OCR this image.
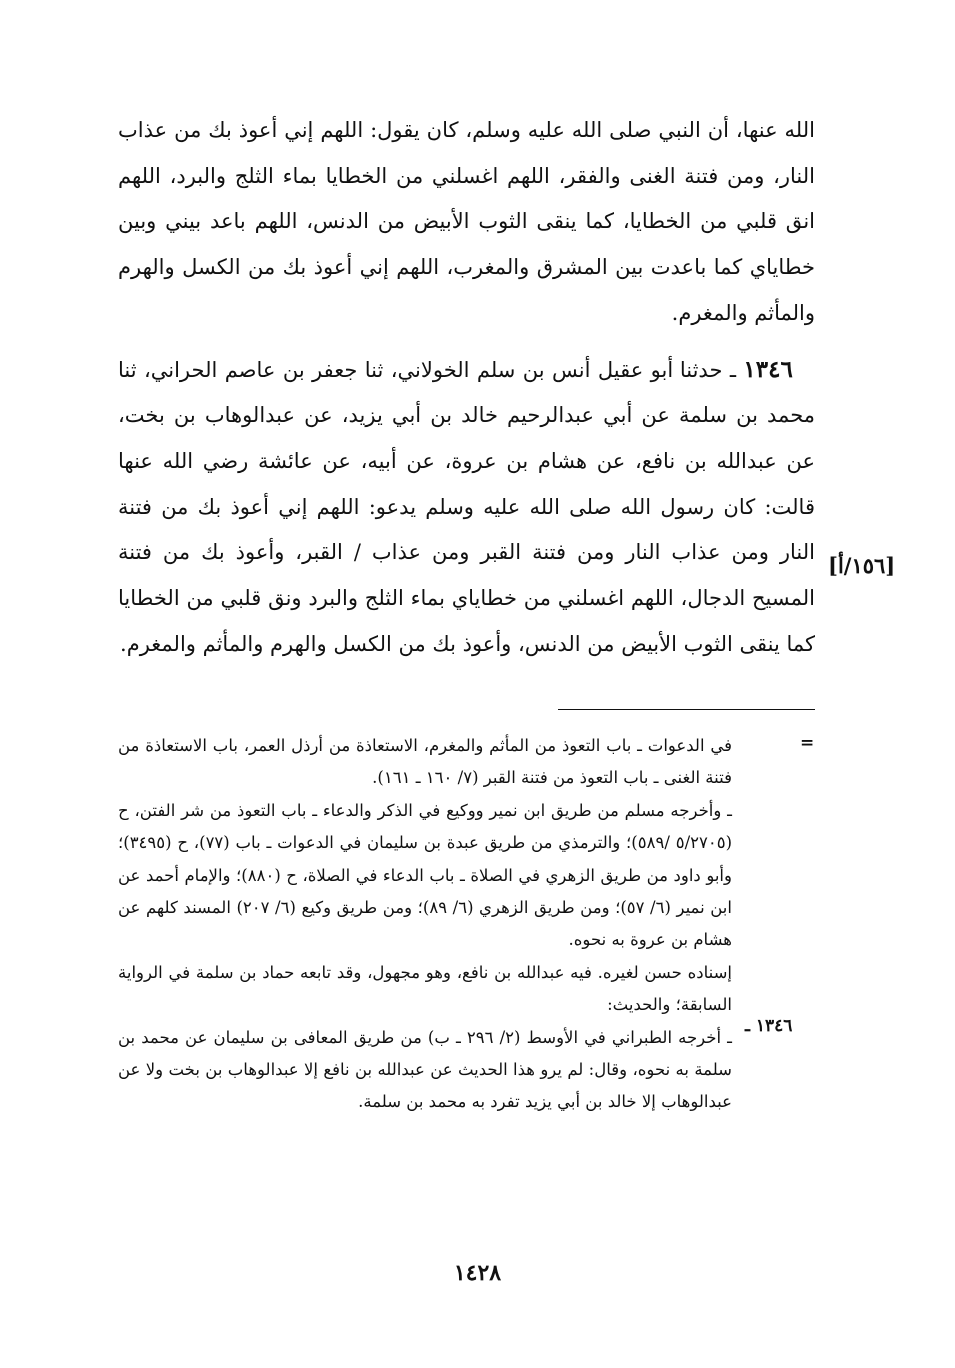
الله عنها، أن النبي صلى الله عليه وسلم، كان يقول: اللهم إني أعوذ بك من عذاب النار، ومن فتنة الغنى والفقر، اللهم اغسلني من الخطايا بماء الثلج والبرد، اللهم انق قلبي من الخطايا، كما ينقى الثوب الأبيض من الدنس، اللهم باعد بيني وبين خطاياي كما باعدت بين المشرق والمغرب، اللهم إني أعوذ بك من الكسل والهرم والمأثم والمغرم.

١٣٤٦ ـ حدثنا أبو عقيل أنس بن سلم الخولاني، ثنا جعفر بن عاصم الحراني، ثنا محمد بن سلمة عن أبي عبدالرحيم خالد بن أبي يزيد، عن عبدالوهاب بن بخت، عن عبدالله بن نافع، عن هشام بن عروة، عن أبيه، عن عائشة رضي الله عنها قالت: كان رسول الله صلى الله عليه وسلم يدعو: اللهم إني أعوذ بك من فتنة النار ومن عذاب النار ومن فتنة القبر ومن عذاب / القبر، وأعوذ بك من فتنة المسيح الدجال، اللهم اغسلني من خطاياي بماء الثلج والبرد ونق قلبي من الخطايا كما ينقى الثوب الأبيض من الدنس، وأعوذ بك من الكسل والهرم والمأثم والمغرم.

[١٥٦/أ]
=

في الدعوات ـ باب التعوذ من المأثم والمغرم، الاستعاذة من أرذل العمر، باب الاستعاذة من فتنة الغنى ـ باب التعوذ من فتنة القبر (٧/ ١٦٠ ـ ١٦١).

ـ وأخرجه مسلم من طريق ابن نمير ووكيع في الذكر والدعاء ـ باب التعوذ من شر الفتن، ح (٥/٢٧٠٥ /٥٨٩)؛ والترمذي من طريق عبدة بن سليمان في الدعوات ـ باب (٧٧)، ح (٣٤٩٥)؛ وأبو داود من طريق الزهري في الصلاة ـ باب الدعاء في الصلاة، ح (٨٨٠)؛ والإمام أحمد عن ابن نمير (٦/ ٥٧)؛ ومن طريق الزهري (٦/ ٨٩)؛ ومن طريق وكيع (٦/ ٢٠٧) المسند كلهم عن هشام بن عروة به نحوه.

إسناده حسن لغيره. فيه عبدالله بن نافع، وهو مجهول، وقد تابعه حماد بن سلمة في الرواية السابقة؛ والحديث:

ـ أخرجه الطبراني في الأوسط (٢/ ٢٩٦ ـ ب) من طريق المعافى بن سليمان عن محمد بن سلمة به نحوه، وقال: لم يرو هذا الحديث عن عبدالله بن نافع إلا عبدالوهاب بن بخت ولا عن عبدالوهاب إلا خالد بن أبي يزيد تفرد به محمد بن سلمة.

١٣٤٦ ـ
١٤٢٨
